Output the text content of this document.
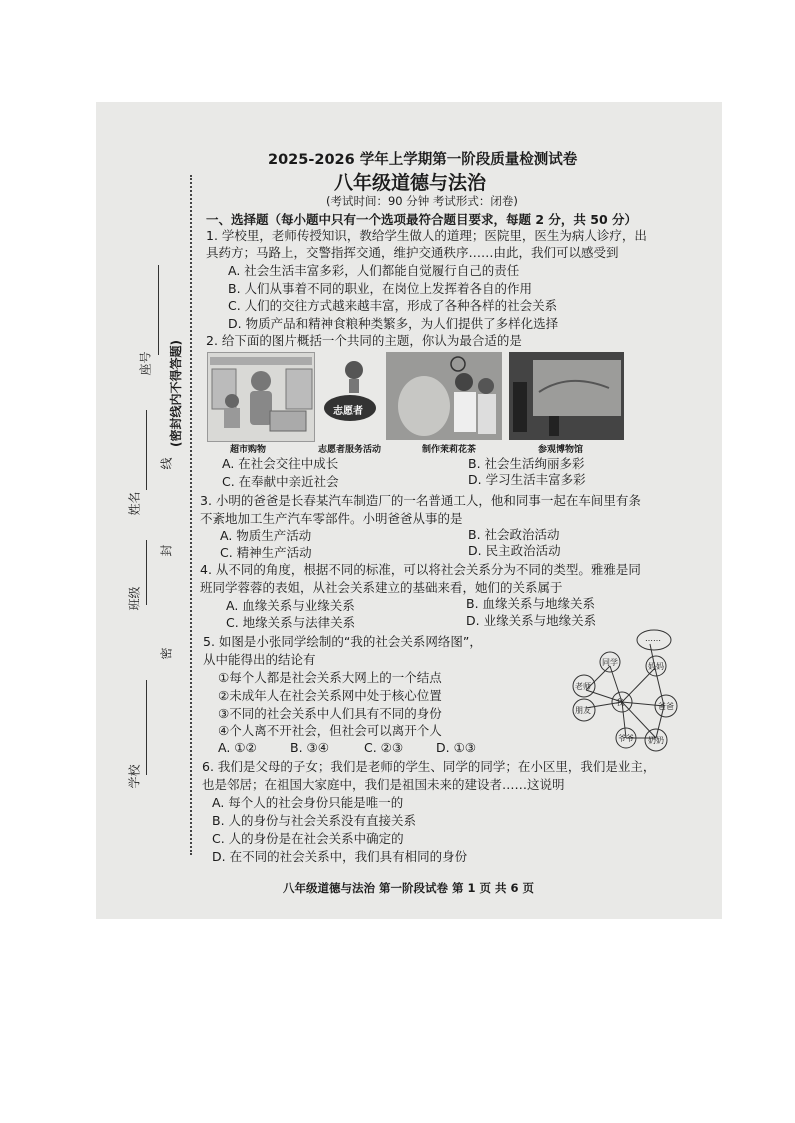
座号 (密封线内不得答题)
线
姓名
封
班级
密
学校
2025-2026 学年上学期第一阶段质量检测试卷
八年级道德与法治
(考试时间：90 分钟 考试形式：闭卷)
一、选择题（每小题中只有一个选项最符合题目要求，每题 2 分，共 50 分）
1. 学校里，老师传授知识，教给学生做人的道理；医院里，医生为病人诊疗，出
具药方；马路上，交警指挥交通，维护交通秩序……由此，我们可以感受到
A. 社会生活丰富多彩，人们都能自觉履行自己的责任
B. 人们从事着不同的职业，在岗位上发挥着各自的作用
C. 人们的交往方式越来越丰富，形成了各种各样的社会关系
D. 物质产品和精神食粮种类繁多，为人们提供了多样化选择
2. 给下面的图片概括一个共同的主题，你认为最合适的是
志愿者
超市购物	志愿者服务活动	制作茉莉花茶	参观博物馆
A. 在社会交往中成长	B. 社会生活绚丽多彩
C. 在奉献中亲近社会	D. 学习生活丰富多彩
3. 小明的爸爸是长春某汽车制造厂的一名普通工人，他和同事一起在车间里有条
不紊地加工生产汽车零部件。小明爸爸从事的是
A. 物质生产活动	B. 社会政治活动
C. 精神生产活动	D. 民主政治活动
4. 从不同的角度，根据不同的标准，可以将社会关系分为不同的类型。雅雅是同
班同学蓉蓉的表姐，从社会关系建立的基础来看，她们的关系属于
A. 血缘关系与业缘关系	B. 血缘关系与地缘关系
C. 地缘关系与法律关系	D. 业缘关系与地缘关系
5. 如图是小张同学绘制的“我的社会关系网络图”，
从中能得出的结论有
①每个人都是社会关系大网上的一个结点
②未成年人在社会关系网中处于核心位置
③不同的社会关系中人们具有不同的身份
④个人离不开社会，但社会可以离开个人
A. ①②	B. ③④	C. ②③	D. ①③
我
同学	妈妈
老师
朋友	爸爸
爷爷 奶奶
……
6. 我们是父母的子女；我们是老师的学生、同学的同学；在小区里，我们是业主，
也是邻居；在祖国大家庭中，我们是祖国未来的建设者……这说明
A. 每个人的社会身份只能是唯一的
B. 人的身份与社会关系没有直接关系
C. 人的身份是在社会关系中确定的
D. 在不同的社会关系中，我们具有相同的身份
八年级道德与法治 第一阶段试卷 第 1 页 共 6 页
